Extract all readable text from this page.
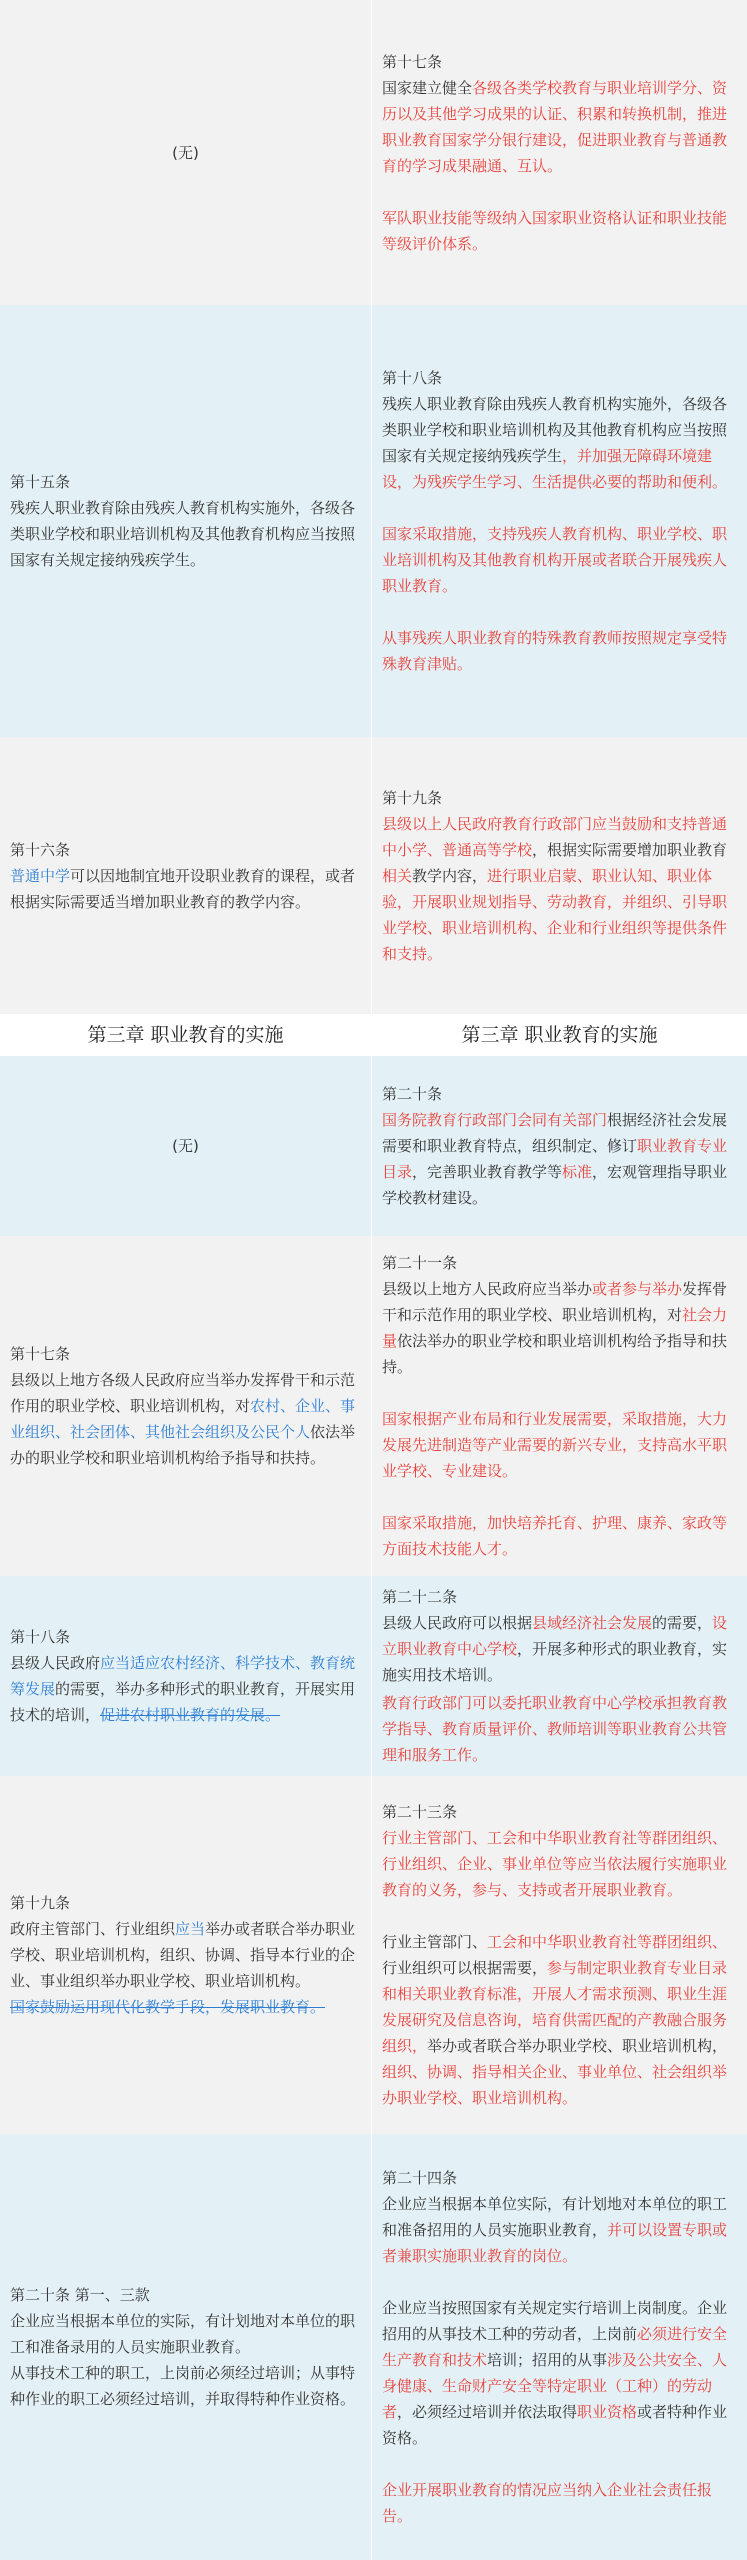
(无)

第十七条

国家建立健全各级各类学校教育与职业培训学分、资历以及其他学习成果的认证、积累和转换机制，推进职业教育国家学分银行建设，促进职业教育与普通教育的学习成果融通、互认。

军队职业技能等级纳入国家职业资格认证和职业技能等级评价体系。

第十五条

残疾人职业教育除由残疾人教育机构实施外，各级各类职业学校和职业培训机构及其他教育机构应当按照国家有关规定接纳残疾学生。

第十八条

残疾人职业教育除由残疾人教育机构实施外，各级各类职业学校和职业培训机构及其他教育机构应当按照国家有关规定接纳残疾学生，并加强无障碍环境建设，为残疾学生学习、生活提供必要的帮助和便利。

国家采取措施，支持残疾人教育机构、职业学校、职业培训机构及其他教育机构开展或者联合开展残疾人职业教育。

从事残疾人职业教育的特殊教育教师按照规定享受特殊教育津贴。

第十六条

普通中学可以因地制宜地开设职业教育的课程，或者根据实际需要适当增加职业教育的教学内容。

第十九条

县级以上人民政府教育行政部门应当鼓励和支持普通中小学、普通高等学校，根据实际需要增加职业教育相关教学内容，进行职业启蒙、职业认知、职业体验，开展职业规划指导、劳动教育，并组织、引导职业学校、职业培训机构、企业和行业组织等提供条件和支持。

第三章 职业教育的实施	第三章 职业教育的实施

(无)

第二十条

国务院教育行政部门会同有关部门根据经济社会发展需要和职业教育特点，组织制定、修订职业教育专业目录，完善职业教育教学等标准，宏观管理指导职业学校教材建设。

第十七条

县级以上地方各级人民政府应当举办发挥骨干和示范作用的职业学校、职业培训机构，对农村、企业、事业组织、社会团体、其他社会组织及公民个人依法举办的职业学校和职业培训机构给予指导和扶持。

第二十一条

县级以上地方人民政府应当举办或者参与举办发挥骨干和示范作用的职业学校、职业培训机构，对社会力量依法举办的职业学校和职业培训机构给予指导和扶持。

国家根据产业布局和行业发展需要，采取措施，大力发展先进制造等产业需要的新兴专业，支持高水平职业学校、专业建设。

国家采取措施，加快培养托育、护理、康养、家政等方面技术技能人才。

第十八条

县级人民政府应当适应农村经济、科学技术、教育统筹发展的需要，举办多种形式的职业教育，开展实用技术的培训，促进农村职业教育的发展。

第二十二条

县级人民政府可以根据县域经济社会发展的需要，设立职业教育中心学校，开展多种形式的职业教育，实施实用技术培训。

教育行政部门可以委托职业教育中心学校承担教育教学指导、教育质量评价、教师培训等职业教育公共管理和服务工作。

第十九条

政府主管部门、行业组织应当举办或者联合举办职业学校、职业培训机构，组织、协调、指导本行业的企业、事业组织举办职业学校、职业培训机构。

国家鼓励运用现代化教学手段，发展职业教育。

第二十三条

行业主管部门、工会和中华职业教育社等群团组织、行业组织、企业、事业单位等应当依法履行实施职业教育的义务，参与、支持或者开展职业教育。

行业主管部门、工会和中华职业教育社等群团组织、行业组织可以根据需要，参与制定职业教育专业目录和相关职业教育标准，开展人才需求预测、职业生涯发展研究及信息咨询，培育供需匹配的产教融合服务组织，举办或者联合举办职业学校、职业培训机构，组织、协调、指导相关企业、事业单位、社会组织举办职业学校、职业培训机构。

第二十条 第一、三款

企业应当根据本单位的实际，有计划地对本单位的职工和准备录用的人员实施职业教育。

从事技术工种的职工，上岗前必须经过培训；从事特种作业的职工必须经过培训，并取得特种作业资格。

第二十四条

企业应当根据本单位实际，有计划地对本单位的职工和准备招用的人员实施职业教育，并可以设置专职或者兼职实施职业教育的岗位。

企业应当按照国家有关规定实行培训上岗制度。企业招用的从事技术工种的劳动者，上岗前必须进行安全生产教育和技术培训；招用的从事涉及公共安全、人身健康、生命财产安全等特定职业（工种）的劳动者，必须经过培训并依法取得职业资格或者特种作业资格。

企业开展职业教育的情况应当纳入企业社会责任报告。
